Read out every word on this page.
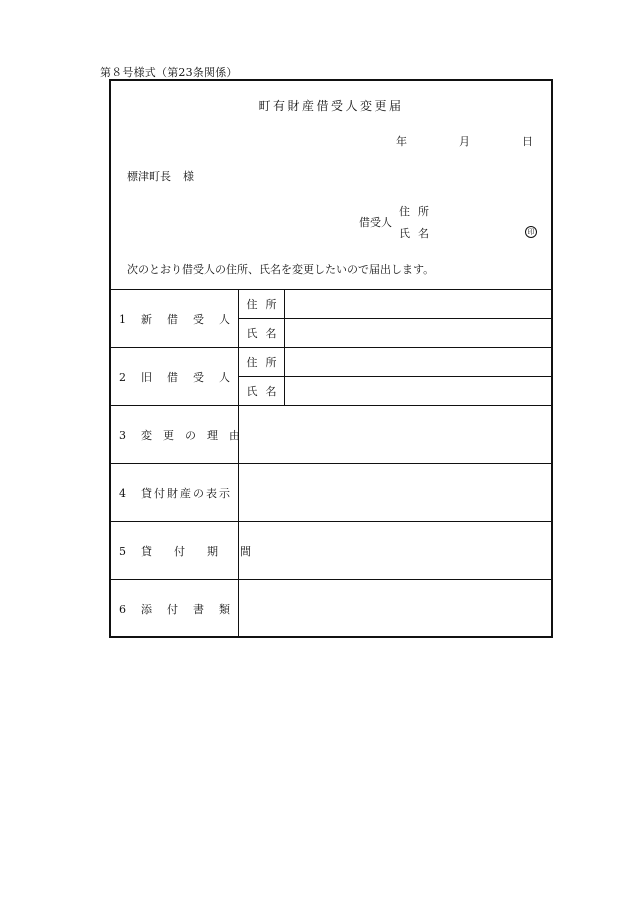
第８号様式（第23条関係）
町有財産借受人変更届
年	月	日
標津町長 様
借受人
住所
氏名	印
次のとおり借受人の住所、氏名を変更したいので届出します。
1 新借受人	住所	
	氏名	
2 旧借受人	住所	
	氏名	
3 変更の理由		
4 貸付財産の表示		
5 貸付期間		
6 添付書類		
